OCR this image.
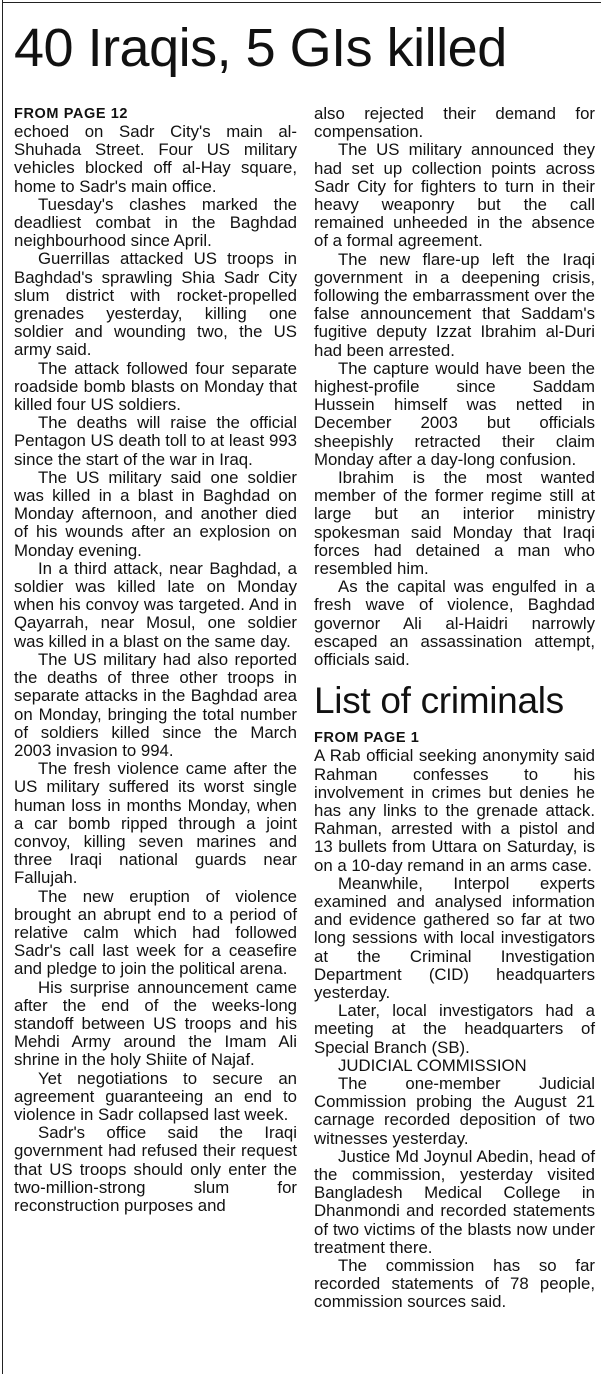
40 Iraqis, 5 GIs killed
FROM PAGE 12

echoed on Sadr City's main al-Shuhada Street. Four US military vehicles blocked off al-Hay square, home to Sadr's main office.

Tuesday's clashes marked the deadliest combat in the Baghdad neighbourhood since April.

Guerrillas attacked US troops in Baghdad's sprawling Shia Sadr City slum district with rocket-propelled grenades yesterday, killing one soldier and wounding two, the US army said.

The attack followed four separate roadside bomb blasts on Monday that killed four US soldiers.

The deaths will raise the official Pentagon US death toll to at least 993 since the start of the war in Iraq.

The US military said one soldier was killed in a blast in Baghdad on Monday afternoon, and another died of his wounds after an explosion on Monday evening.

In a third attack, near Baghdad, a soldier was killed late on Monday when his convoy was targeted. And in Qayarrah, near Mosul, one soldier was killed in a blast on the same day.

The US military had also reported the deaths of three other troops in separate attacks in the Baghdad area on Monday, bringing the total number of soldiers killed since the March 2003 invasion to 994.

The fresh violence came after the US military suffered its worst single human loss in months Monday, when a car bomb ripped through a joint convoy, killing seven marines and three Iraqi national guards near Fallujah.

The new eruption of violence brought an abrupt end to a period of relative calm which had followed Sadr's call last week for a ceasefire and pledge to join the political arena.

His surprise announcement came after the end of the weeks-long standoff between US troops and his Mehdi Army around the Imam Ali shrine in the holy Shiite of Najaf.

Yet negotiations to secure an agreement guaranteeing an end to violence in Sadr collapsed last week.

Sadr's office said the Iraqi government had refused their request that US troops should only enter the two-million-strong slum for reconstruction purposes and

also rejected their demand for compensation.

The US military announced they had set up collection points across Sadr City for fighters to turn in their heavy weaponry but the call remained unheeded in the absence of a formal agreement.

The new flare-up left the Iraqi government in a deepening crisis, following the embarrassment over the false announcement that Saddam's fugitive deputy Izzat Ibrahim al-Duri had been arrested.

The capture would have been the highest-profile since Saddam Hussein himself was netted in December 2003 but officials sheepishly retracted their claim Monday after a day-long confusion.

Ibrahim is the most wanted member of the former regime still at large but an interior ministry spokesman said Monday that Iraqi forces had detained a man who resembled him.

As the capital was engulfed in a fresh wave of violence, Baghdad governor Ali al-Haidri narrowly escaped an assassination attempt, officials said.

List of criminals
FROM PAGE 1

A Rab official seeking anonymity said Rahman confesses to his involvement in crimes but denies he has any links to the grenade attack. Rahman, arrested with a pistol and 13 bullets from Uttara on Saturday, is on a 10-day remand in an arms case.

Meanwhile, Interpol experts examined and analysed information and evidence gathered so far at two long sessions with local investigators at the Criminal Investigation Department (CID) headquarters yesterday.

Later, local investigators had a meeting at the headquarters of Special Branch (SB).

JUDICIAL COMMISSION

The one-member Judicial Commission probing the August 21 carnage recorded deposition of two witnesses yesterday.

Justice Md Joynul Abedin, head of the commission, yesterday visited Bangladesh Medical College in Dhanmondi and recorded statements of two victims of the blasts now under treatment there.

The commission has so far recorded statements of 78 people, commission sources said.
